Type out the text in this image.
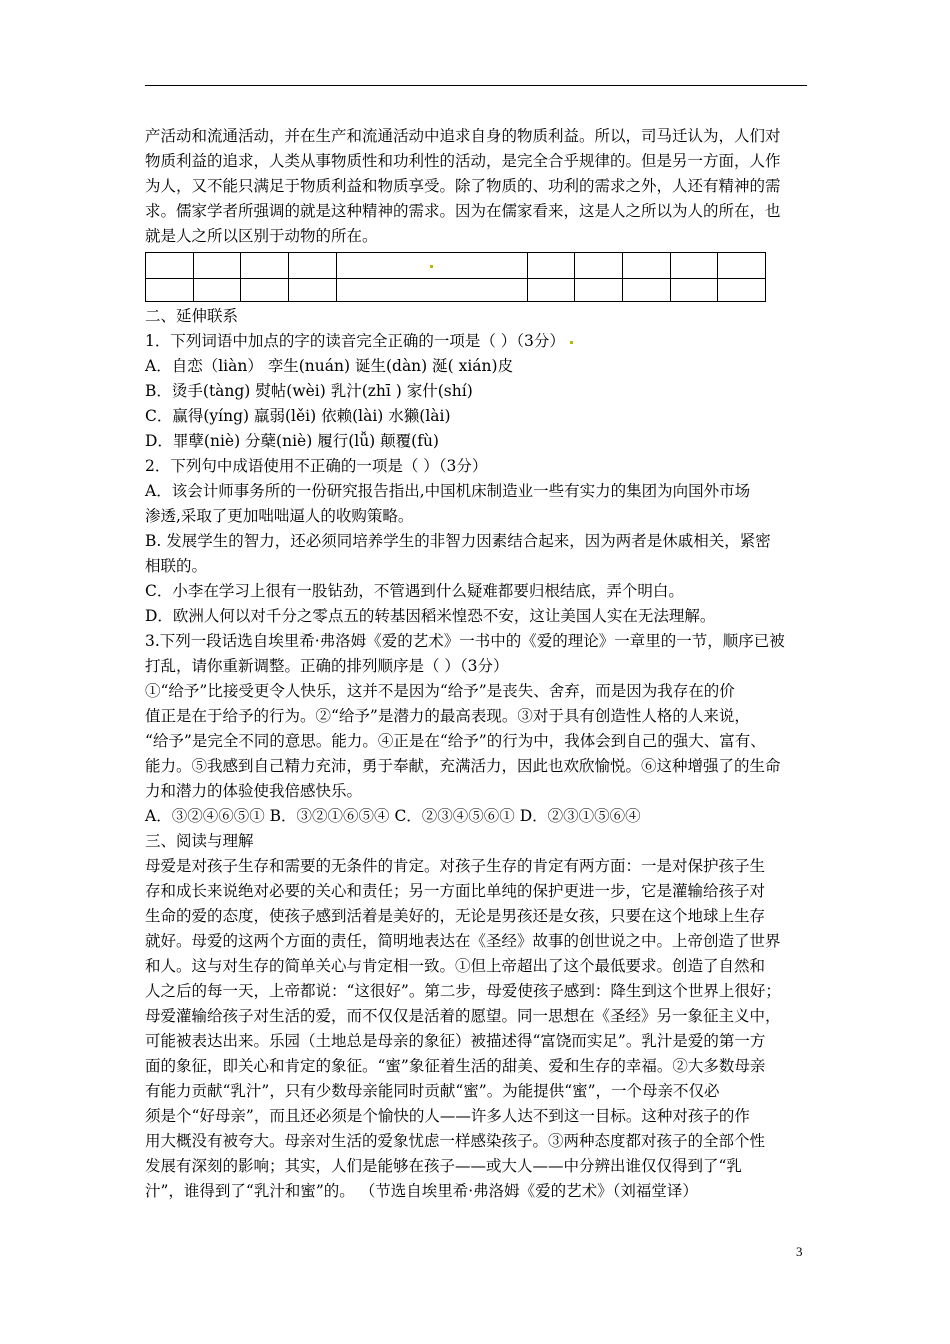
产活动和流通活动，并在生产和流通活动中追求自身的物质利益。所以，司马迁认为，人们对

物质利益的追求，人类从事物质性和功利性的活动，是完全合乎规律的。但是另一方面，人作

为人，又不能只满足于物质利益和物质享受。除了物质的、功利的需求之外，人还有精神的需

求。儒家学者所强调的就是这种精神的需求。因为在儒家看来，这是人之所以为人的所在，也

就是人之所以区别于动物的所在。

二、延伸联系

1．下列词语中加点的字的读音完全正确的一项是（ ）（3分）

A．自恋（liàn） 孪生(nuán) 诞生(dàn) 涎( xián)皮

B．烫手(tàng) 熨帖(wèi) 乳汁(zhī ) 家什(shí)

C．赢得(yíng) 羸弱(lěi) 依赖(lài) 水獭(lài)

D．罪孽(niè) 分蘖(niè) 履行(lǚ) 颠覆(fù)

2．下列句中成语使用不正确的一项是（ ）（3分）

A．该会计师事务所的一份研究报告指出,中国机床制造业一些有实力的集团为向国外市场

渗透,采取了更加咄咄逼人的收购策略。

B. 发展学生的智力，还必须同培养学生的非智力因素结合起来，因为两者是休戚相关，紧密

相联的。

C．小李在学习上很有一股钻劲，不管遇到什么疑难都要归根结底，弄个明白。

D．欧洲人何以对千分之零点五的转基因稻米惶恐不安，这让美国人实在无法理解。

3.下列一段话选自埃里希·弗洛姆《爱的艺术》一书中的《爱的理论》一章里的一节，顺序已被

打乱，请你重新调整。正确的排列顺序是（ ）（3分）

①“给予”比接受更令人快乐，这并不是因为“给予”是丧失、舍弃，而是因为我存在的价

值正是在于给予的行为。②“给予”是潜力的最高表现。③对于具有创造性人格的人来说，

“给予”是完全不同的意思。能力。④正是在“给予”的行为中，我体会到自己的强大、富有、

能力。⑤我感到自己精力充沛，勇于奉献，充满活力，因此也欢欣愉悦。⑥这种增强了的生命

力和潜力的体验使我倍感快乐。

A．③②④⑥⑤① B．③②①⑥⑤④ C．②③④⑤⑥① D．②③①⑤⑥④

三、阅读与理解

母爱是对孩子生存和需要的无条件的肯定。对孩子生存的肯定有两方面：一是对保护孩子生

存和成长来说绝对必要的关心和责任；另一方面比单纯的保护更进一步，它是灌输给孩子对

生命的爱的态度，使孩子感到活着是美好的，无论是男孩还是女孩，只要在这个地球上生存

就好。母爱的这两个方面的责任，简明地表达在《圣经》故事的创世说之中。上帝创造了世界

和人。这与对生存的简单关心与肯定相一致。①但上帝超出了这个最低要求。创造了自然和

人之后的每一天，上帝都说：“这很好”。第二步，母爱使孩子感到：降生到这个世界上很好；

母爱灌输给孩子对生活的爱，而不仅仅是活着的愿望。同一思想在《圣经》另一象征主义中，

可能被表达出来。乐园（土地总是母亲的象征）被描述得“富饶而实足”。乳汁是爱的第一方

面的象征，即关心和肯定的象征。“蜜”象征着生活的甜美、爱和生存的幸福。②大多数母亲

有能力贡献“乳汁”，只有少数母亲能同时贡献“蜜”。为能提供“蜜”，一个母亲不仅必

须是个“好母亲”，而且还必须是个愉快的人——许多人达不到这一目标。这种对孩子的作

用大概没有被夸大。母亲对生活的爱象忧虑一样感染孩子。③两种态度都对孩子的全部个性

发展有深刻的影响；其实，人们是能够在孩子——或大人——中分辨出谁仅仅得到了“乳

汁”，谁得到了“乳汁和蜜”的。 （节选自埃里希·弗洛姆《爱的艺术》（刘福堂译）

3
